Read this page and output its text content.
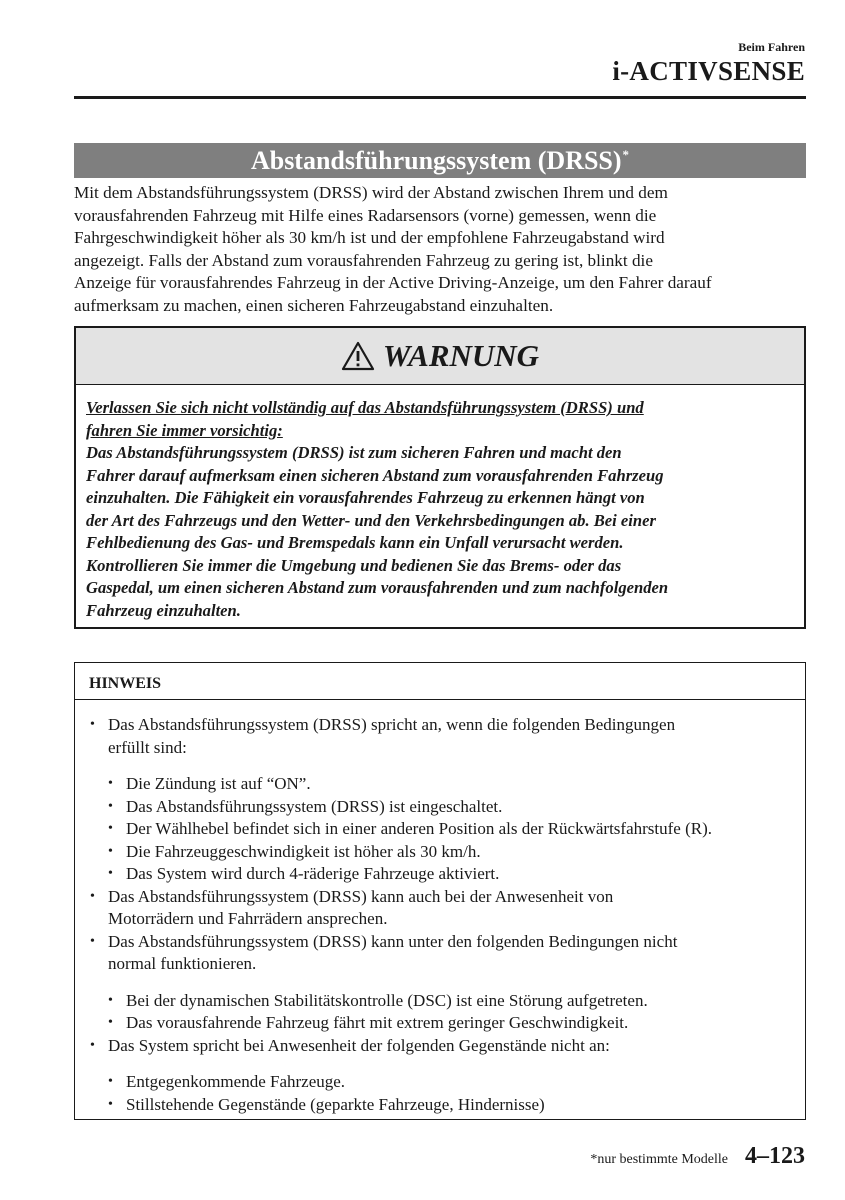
Beim Fahren
i-ACTIVSENSE
Abstandsführungssystem (DRSS)*

Mit dem Abstandsführungssystem (DRSS) wird der Abstand zwischen Ihrem und dem
vorausfahrenden Fahrzeug mit Hilfe eines Radarsensors (vorne) gemessen, wenn die
Fahrgeschwindigkeit höher als 30 km/h ist und der empfohlene Fahrzeugabstand wird
angezeigt. Falls der Abstand zum vorausfahrenden Fahrzeug zu gering ist, blinkt die
Anzeige für vorausfahrendes Fahrzeug in der Active Driving-Anzeige, um den Fahrer darauf
aufmerksam zu machen, einen sicheren Fahrzeugabstand einzuhalten.

WARNUNG
Verlassen Sie sich nicht vollständig auf das Abstandsführungssystem (DRSS) und
fahren Sie immer vorsichtig:
Das Abstandsführungssystem (DRSS) ist zum sicheren Fahren und macht den
Fahrer darauf aufmerksam einen sicheren Abstand zum vorausfahrenden Fahrzeug
einzuhalten. Die Fähigkeit ein vorausfahrendes Fahrzeug zu erkennen hängt von
der Art des Fahrzeugs und den Wetter- und den Verkehrsbedingungen ab. Bei einer
Fehlbedienung des Gas- und Bremspedals kann ein Unfall verursacht werden.
Kontrollieren Sie immer die Umgebung und bedienen Sie das Brems- oder das
Gaspedal, um einen sicheren Abstand zum vorausfahrenden und zum nachfolgenden
Fahrzeug einzuhalten.
HINWEIS
• Das Abstandsführungssystem (DRSS) spricht an, wenn die folgenden Bedingungen
erfüllt sind:
• Die Zündung ist auf “ON”.
• Das Abstandsführungssystem (DRSS) ist eingeschaltet.
• Der Wählhebel befindet sich in einer anderen Position als der Rückwärtsfahrstufe (R).
• Die Fahrzeuggeschwindigkeit ist höher als 30 km/h.
• Das System wird durch 4-räderige Fahrzeuge aktiviert.
• Das Abstandsführungssystem (DRSS) kann auch bei der Anwesenheit von
Motorrädern und Fahrrädern ansprechen.
• Das Abstandsführungssystem (DRSS) kann unter den folgenden Bedingungen nicht
normal funktionieren.
• Bei der dynamischen Stabilitätskontrolle (DSC) ist eine Störung aufgetreten.
• Das vorausfahrende Fahrzeug fährt mit extrem geringer Geschwindigkeit.
• Das System spricht bei Anwesenheit der folgenden Gegenstände nicht an:
• Entgegenkommende Fahrzeuge.
• Stillstehende Gegenstände (geparkte Fahrzeuge, Hindernisse)
*nur bestimmte Modelle 4–123
